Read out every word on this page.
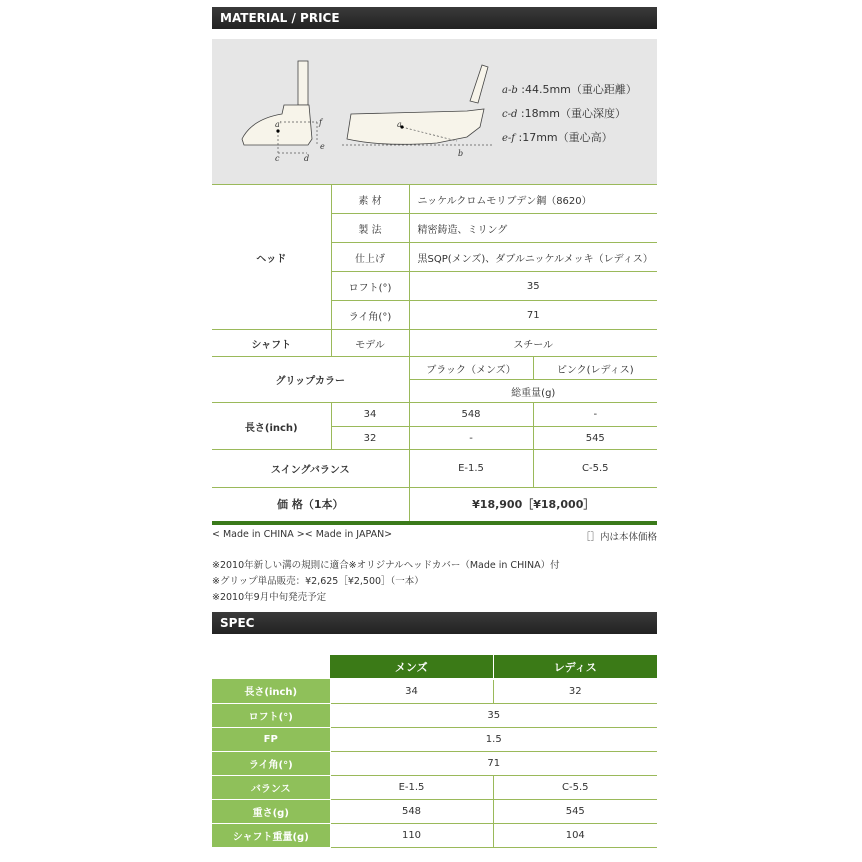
MATERIAL / PRICE
a'	a
b
c	d
e
f
a-b :44.5mm（重心距離）
c-d :18mm（重心深度）
e-f :17mm（重心高）
ヘッド	素 材	ニッケルクロムモリブデン鋼（8620）	
	製 法	精密鋳造、ミリング	
	仕上げ	黒SQP(メンズ)、ダブルニッケルメッキ（レディス）	
	ロフト(°)	35	
	ライ角(°)	71	
シャフト	モデル	スチール	
グリップカラー		ブラック（メンズ）	ピンク(レディス)
		総重量(g)	
長さ(inch)	34	548	-
	32	-	545
スイングバランス		E-1.5	C-5.5
価 格（1本）		¥18,900［¥18,000］	
< Made in CHINA >< Made in JAPAN>	［］内は本体価格
※2010年新しい溝の規則に適合※オリジナルヘッドカバー（Made in CHINA）付
※グリップ単品販売：¥2,625［¥2,500］（一本）
※2010年9月中旬発売予定
SPEC
	メンズ	レディス
長さ(inch)	34	32
ロフト(°)	35	
FP	1.5	
ライ角(°)	71	
バランス	E-1.5	C-5.5
重さ(g)	548	545
シャフト重量(g)	110	104
